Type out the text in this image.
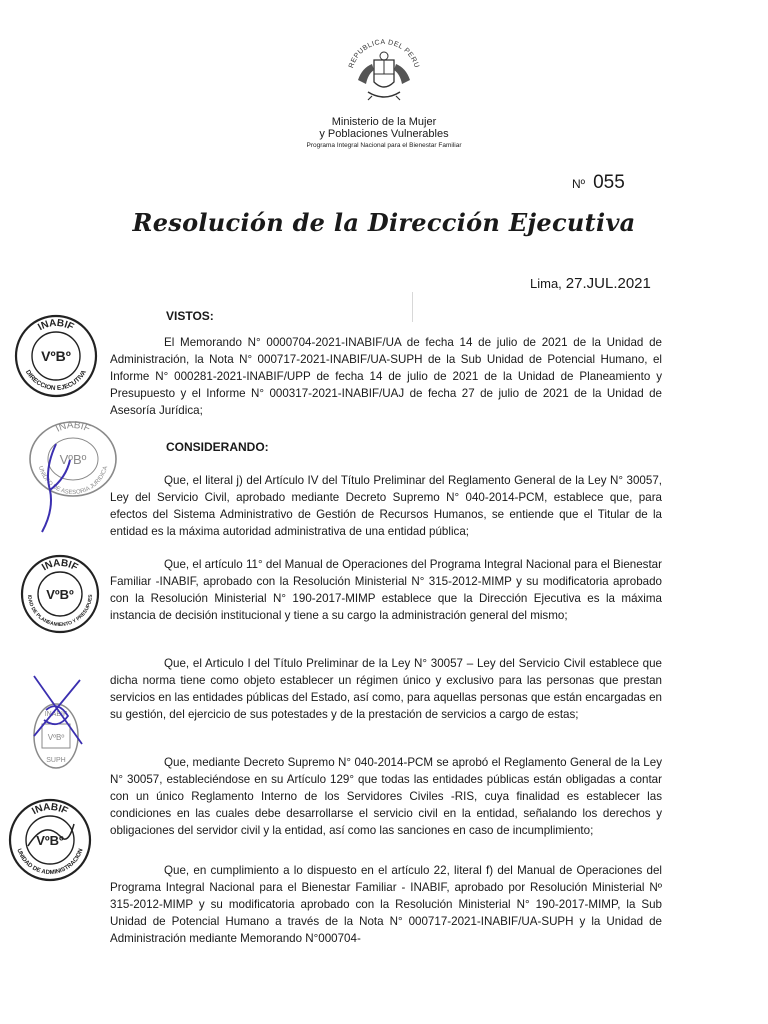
REPUBLICA DEL PERU
Ministerio de la Mujer
y Poblaciones Vulnerables
Programa Integral Nacional para el Bienestar Familiar
Nº 055
Resolución de la Dirección Ejecutiva
Lima, 27.JUL.2021
VISTOS:
El Memorando N° 0000704-2021-INABIF/UA de fecha 14 de julio de 2021 de la Unidad de Administración, la Nota N° 000717-2021-INABIF/UA-SUPH de la Sub Unidad de Potencial Humano, el Informe N° 000281-2021-INABIF/UPP de fecha 14 de julio de 2021 de la Unidad de Planeamiento y Presupuesto y el Informe N° 000317-2021-INABIF/UAJ de fecha 27 de julio de 2021 de la Unidad de Asesoría Jurídica;
CONSIDERANDO:
Que, el literal j) del Artículo IV del Título Preliminar del Reglamento General de la Ley N° 30057, Ley del Servicio Civil, aprobado mediante Decreto Supremo N° 040-2014-PCM, establece que, para efectos del Sistema Administrativo de Gestión de Recursos Humanos, se entiende que el Titular de la entidad es la máxima autoridad administrativa de una entidad pública;
Que, el artículo 11° del Manual de Operaciones del Programa Integral Nacional para el Bienestar Familiar -INABIF, aprobado con la Resolución Ministerial N° 315-2012-MIMP y su modificatoria aprobado con la Resolución Ministerial N° 190-2017-MIMP establece que la Dirección Ejecutiva es la máxima instancia de decisión institucional y tiene a su cargo la administración general del mismo;
Que, el Articulo I del Título Preliminar de la Ley N° 30057 – Ley del Servicio Civil establece que dicha norma tiene como objeto establecer un régimen único y exclusivo para las personas que prestan servicios en las entidades públicas del Estado, así como, para aquellas personas que están encargadas en su gestión, del ejercicio de sus potestades y de la prestación de servicios a cargo de estas;
Que, mediante Decreto Supremo N° 040-2014-PCM se aprobó el Reglamento General de la Ley N° 30057, estableciéndose en su Artículo 129° que todas las entidades públicas están obligadas a contar con un único Reglamento Interno de los Servidores Civiles -RIS, cuya finalidad es establecer las condiciones en las cuales debe desarrollarse el servicio civil en la entidad, señalando los derechos y obligaciones del servidor civil y la entidad, así como las sanciones en caso de incumplimiento;
Que, en cumplimiento a lo dispuesto en el artículo 22, literal f) del Manual de Operaciones del Programa Integral Nacional para el Bienestar Familiar - INABIF, aprobado por Resolución Ministerial Nº 315-2012-MIMP y su modificatoria aprobado con la Resolución Ministerial N° 190-2017-MIMP, la Sub Unidad de Potencial Humano a través de la Nota N° 000717-2021-INABIF/UA-SUPH y la Unidad de Administración mediante Memorando N°000704-
INABIF
DIRECCION EJECUTIVA
VºBº
INABIF
UNIDAD DE ASESORIA JURIDICA
VºBº
INABIF
IDAD DE PLANEAMIENTO Y PRESUPUES
VºBº
INABIF
VºBº
SUPH
INABIF
UNIDAD DE ADMINISTRACION
VºBº
